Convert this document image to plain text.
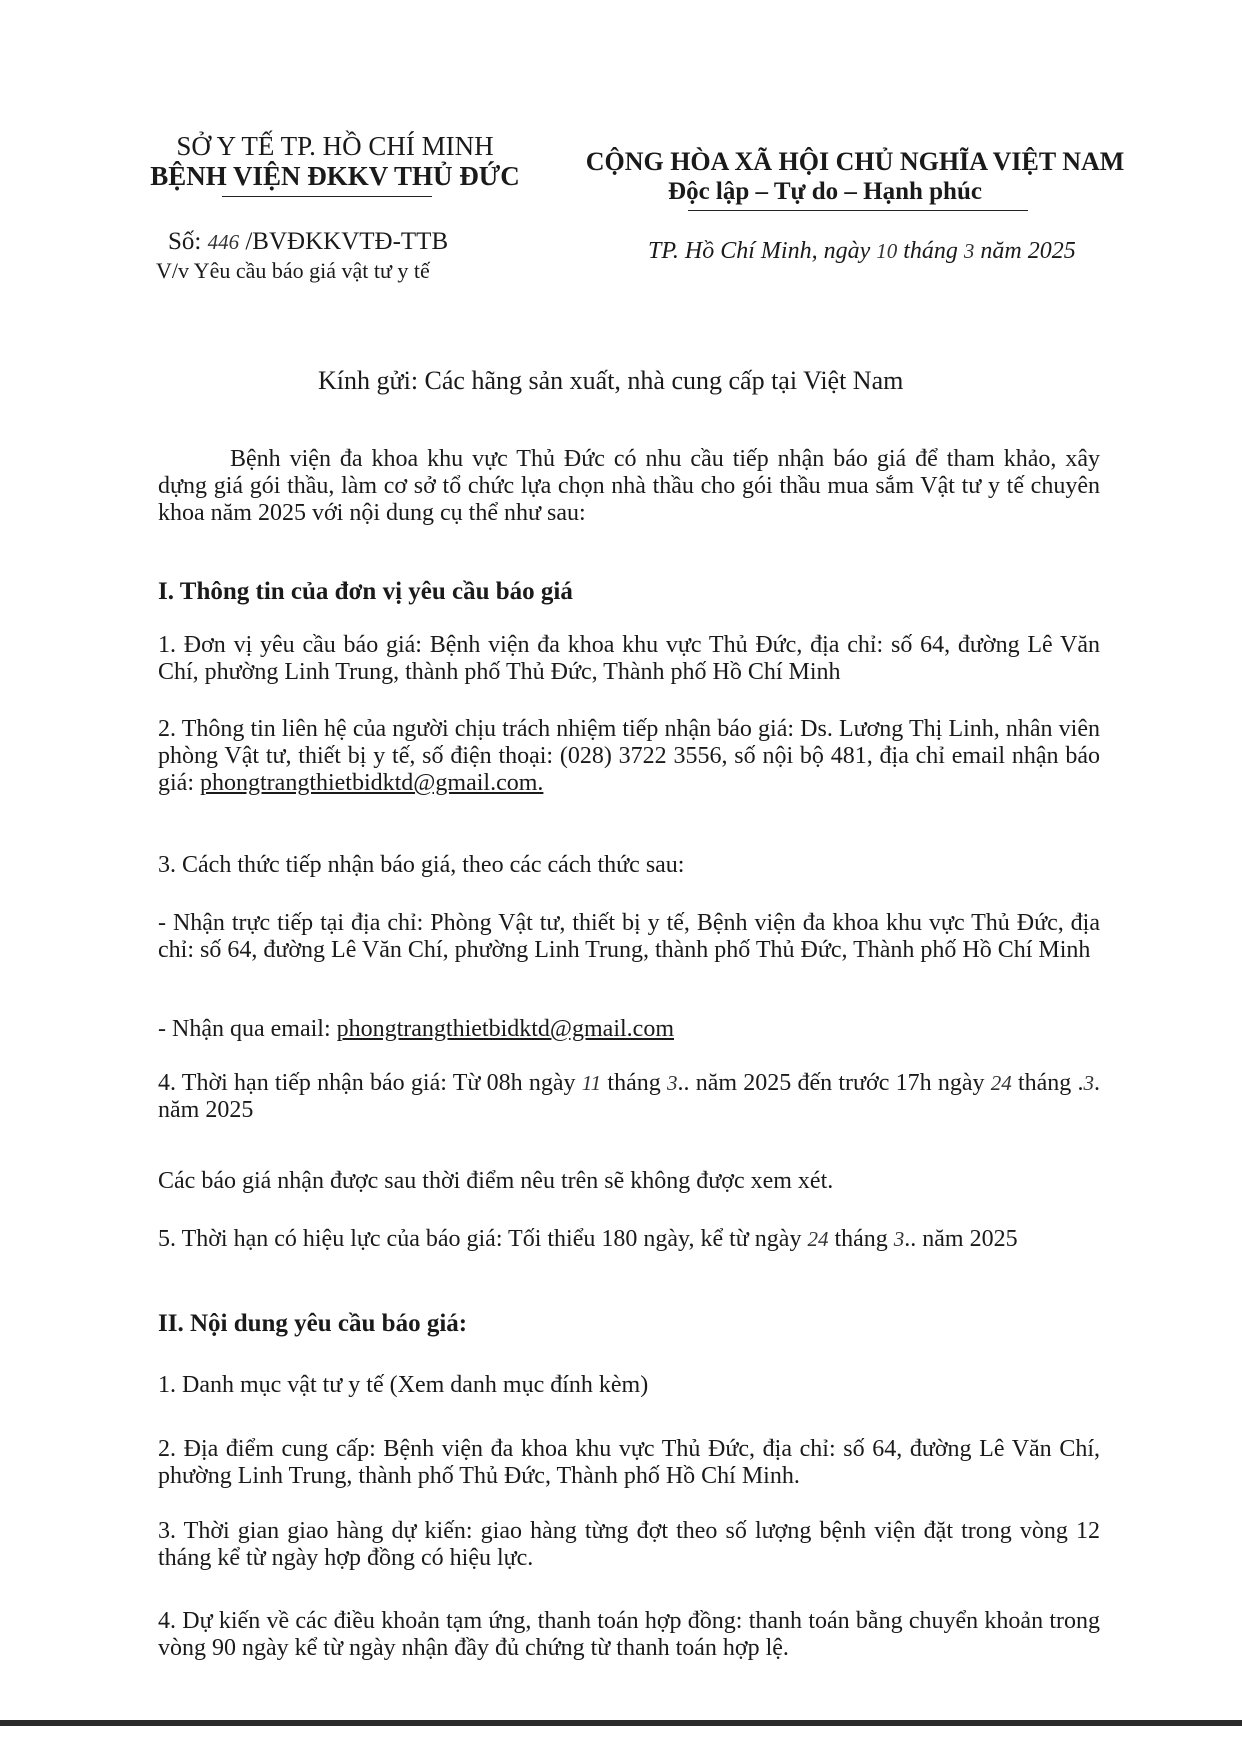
SỞ Y TẾ TP. HỒ CHÍ MINH
BỆNH VIỆN ĐKKV THỦ ĐỨC
Số: 446 /BVĐKKVTĐ-TTB
V/v Yêu cầu báo giá vật tư y tế
CỘNG HÒA XÃ HỘI CHỦ NGHĨA VIỆT NAM
Độc lập – Tự do – Hạnh phúc
TP. Hồ Chí Minh, ngày 10 tháng 3 năm 2025
Kính gửi: Các hãng sản xuất, nhà cung cấp tại Việt Nam
Bệnh viện đa khoa khu vực Thủ Đức có nhu cầu tiếp nhận báo giá để tham khảo, xây dựng giá gói thầu, làm cơ sở tổ chức lựa chọn nhà thầu cho gói thầu mua sắm Vật tư y tế chuyên khoa năm 2025 với nội dung cụ thể như sau:
I. Thông tin của đơn vị yêu cầu báo giá
1. Đơn vị yêu cầu báo giá: Bệnh viện đa khoa khu vực Thủ Đức, địa chỉ: số 64, đường Lê Văn Chí, phường Linh Trung, thành phố Thủ Đức, Thành phố Hồ Chí Minh
2. Thông tin liên hệ của người chịu trách nhiệm tiếp nhận báo giá: Ds. Lương Thị Linh, nhân viên phòng Vật tư, thiết bị y tế, số điện thoại: (028) 3722 3556, số nội bộ 481, địa chỉ email nhận báo giá: phongtrangthietbidktd@gmail.com.
3. Cách thức tiếp nhận báo giá, theo các cách thức sau:
- Nhận trực tiếp tại địa chỉ: Phòng Vật tư, thiết bị y tế, Bệnh viện đa khoa khu vực Thủ Đức, địa chỉ: số 64, đường Lê Văn Chí, phường Linh Trung, thành phố Thủ Đức, Thành phố Hồ Chí Minh
- Nhận qua email: phongtrangthietbidktd@gmail.com
4. Thời hạn tiếp nhận báo giá: Từ 08h ngày 11 tháng 3.. năm 2025 đến trước 17h ngày 24 tháng .3. năm 2025
Các báo giá nhận được sau thời điểm nêu trên sẽ không được xem xét.
5. Thời hạn có hiệu lực của báo giá: Tối thiểu 180 ngày, kể từ ngày 24 tháng 3.. năm 2025
II. Nội dung yêu cầu báo giá:
1. Danh mục vật tư y tế (Xem danh mục đính kèm)
2. Địa điểm cung cấp: Bệnh viện đa khoa khu vực Thủ Đức, địa chỉ: số 64, đường Lê Văn Chí, phường Linh Trung, thành phố Thủ Đức, Thành phố Hồ Chí Minh.
3. Thời gian giao hàng dự kiến: giao hàng từng đợt theo số lượng bệnh viện đặt trong vòng 12 tháng kể từ ngày hợp đồng có hiệu lực.
4. Dự kiến về các điều khoản tạm ứng, thanh toán hợp đồng: thanh toán bằng chuyển khoản trong vòng 90 ngày kể từ ngày nhận đầy đủ chứng từ thanh toán hợp lệ.
